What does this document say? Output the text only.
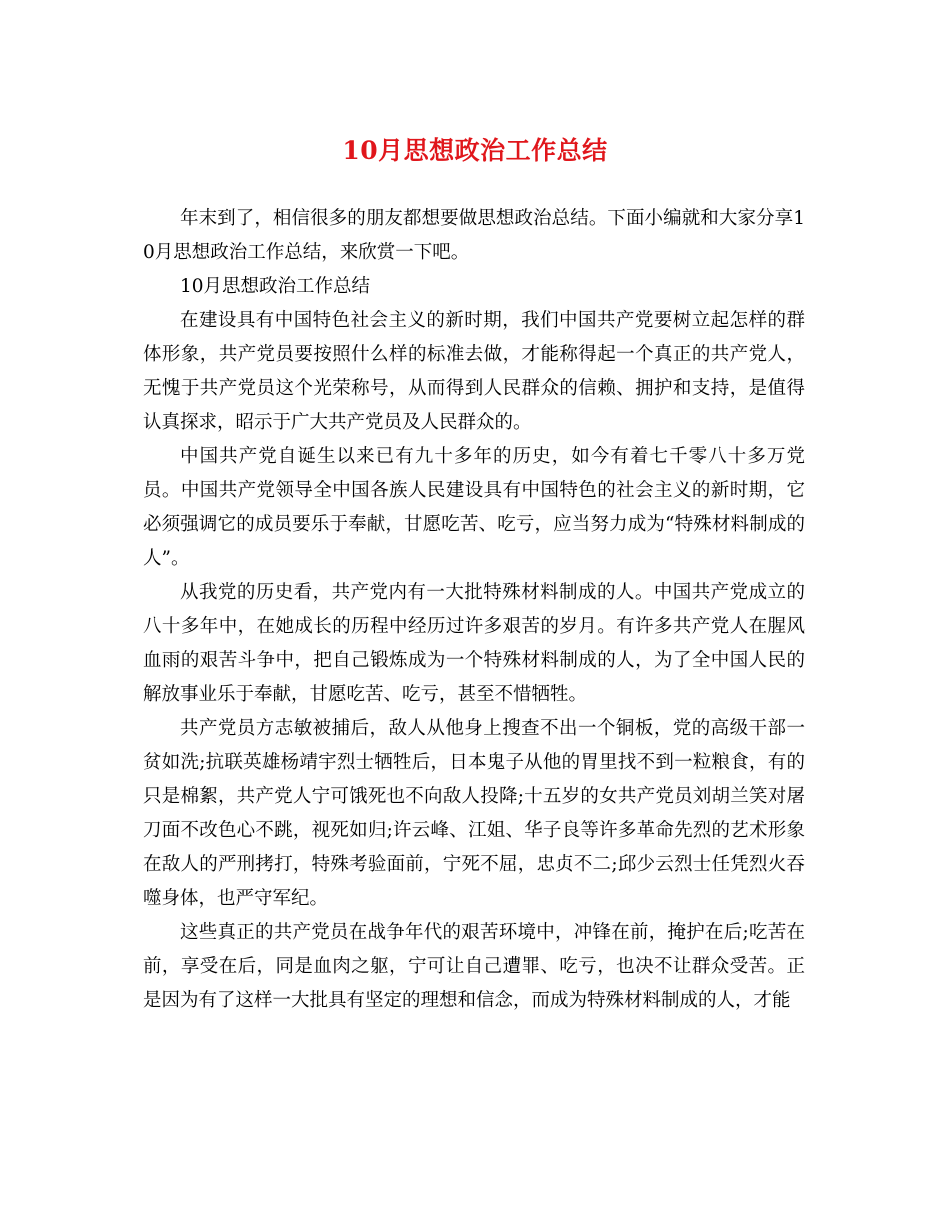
10月思想政治工作总结

年末到了，相信很多的朋友都想要做思想政治总结。下面小编就和大家分享10月思想政治工作总结，来欣赏一下吧。

10月思想政治工作总结

在建设具有中国特色社会主义的新时期，我们中国共产党要树立起怎样的群体形象，共产党员要按照什么样的标准去做，才能称得起一个真正的共产党人，无愧于共产党员这个光荣称号，从而得到人民群众的信赖、拥护和支持，是值得认真探求，昭示于广大共产党员及人民群众的。

中国共产党自诞生以来已有九十多年的历史，如今有着七千零八十多万党员。中国共产党领导全中国各族人民建设具有中国特色的社会主义的新时期，它必须强调它的成员要乐于奉献，甘愿吃苦、吃亏，应当努力成为“特殊材料制成的人”。

从我党的历史看，共产党内有一大批特殊材料制成的人。中国共产党成立的八十多年中，在她成长的历程中经历过许多艰苦的岁月。有许多共产党人在腥风血雨的艰苦斗争中，把自己锻炼成为一个特殊材料制成的人，为了全中国人民的解放事业乐于奉献，甘愿吃苦、吃亏，甚至不惜牺牲。

共产党员方志敏被捕后，敌人从他身上搜查不出一个铜板，党的高级干部一贫如洗;抗联英雄杨靖宇烈士牺牲后，日本鬼子从他的胃里找不到一粒粮食，有的只是棉絮，共产党人宁可饿死也不向敌人投降;十五岁的女共产党员刘胡兰笑对屠刀面不改色心不跳，视死如归;许云峰、江姐、华子良等许多革命先烈的艺术形象在敌人的严刑拷打，特殊考验面前，宁死不屈，忠贞不二;邱少云烈士任凭烈火吞噬身体，也严守军纪。

这些真正的共产党员在战争年代的艰苦环境中，冲锋在前，掩护在后;吃苦在前，享受在后，同是血肉之躯，宁可让自己遭罪、吃亏，也决不让群众受苦。正是因为有了这样一大批具有坚定的理想和信念，而成为特殊材料制成的人，才能
